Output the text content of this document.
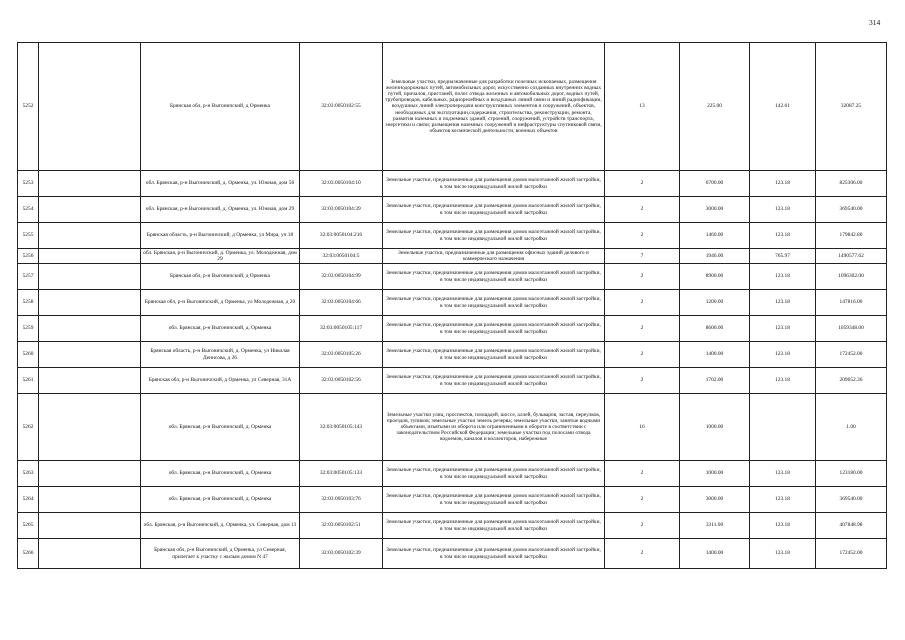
314
5252		Брянская обл, р-н Выгоничский, д Орменка	32:03:0050102:55	Земельные участки, предназначенные для разработки полезных ископаемых, размещения железнодорожных путей, автомобильных дорог, искусственно созданных внутренних водных путей, причалов, пристаней, полос отвода железных и автомобильных дорог, водных путей, трубопроводов, кабельных, радиорелейных и воздушных линий связи и линий радиофикации, воздушных линий электропередачи конструктивных элементов и сооружений, объектов, необходимых для эксплуатации,содержания, строительства, реконструкции, ремонта, развития наземных и подземных зданий, строений, сооружений, устройств транспорта, энергетики и связи; размещения наземных сооружений и инфраструктуры спутниковой связи, объектов космической деятельности, военных объектов	13	225.00	142.61	32087.25
5253		обл. Брянская, р-н Выгоничский, д. Орменка, ул. Южная, дом 56	32:03:0050104:10	Земельные участки, предназначенные для размещения домов малоэтажной жилой застройки, в том числе индивидуальной жилой застройки	2	6700.00	123.18	825306.00
5254		обл. Брянская, р-н Выгоничский, д. Орменка, ул. Южная, дом 29	32:03:0050104:39	Земельные участки, предназначенные для размещения домов малоэтажной жилой застройки, в том числе индивидуальной жилой застройки	2	3000.00	123.18	369540.00
5255		Брянская область, р-н Выгоничский, д Орменка, ул Мира, уч 18	32:03:0050104:216	Земельные участки, предназначенные для размещения домов малоэтажной жилой застройки, в том числе индивидуальной жилой застройки	2	1460.00	123.18	179842.80
5256		обл. Брянская, р-н Выгоничский, д. Орменка, ул. Молодежная, дом 29	32:03:0050104:5	Земельные участки, предназначенные для размещения офисных зданий делового и коммерческого назначения	7	1946.00	765.97	1490577.62
5257		Брянская обл, р-н Выгоничский, д Орменка	32:03:0050104:99	Земельные участки, предназначенные для размещения домов малоэтажной жилой застройки, в том числе индивидуальной жилой застройки	2	8900.00	123.18	1096302.00
5258		Брянская обл, р-н Выгоничский, д Орменка, ул Молодежная, д 20	32:03:0050104:66	Земельные участки, предназначенные для размещения домов малоэтажной жилой застройки, в том числе индивидуальной жилой застройки	2	1200.00	123.18	147816.00
5259		обл. Брянская, р-н Выгоничский, д. Орменка	32:03:0050105:117	Земельные участки, предназначенные для размещения домов малоэтажной жилой застройки, в том числе индивидуальной жилой застройки	2	8600.00	123.18	1059348.00
5260		Брянская область, р-н Выгоничский, д. Орменка, ул Николая Денисова, д 26	32:03:0050105:26	Земельные участки, предназначенные для размещения домов малоэтажной жилой застройки, в том числе индивидуальной жилой застройки	2	1400.00	123.18	172452.00
5261		Брянская обл, р-н Выгоничский, д Орменка, ул Северная, 31А	32:03:0050102:56	Земельные участки, предназначенные для размещения домов малоэтажной жилой застройки, в том числе индивидуальной жилой застройки	2	1702.00	123.18	209652.36
5262		обл. Брянская, р-н Выгоничский, д. Орменка	32:03:0050105:143	Земельные участки улиц, проспектов, площадей, шоссе, аллей, бульваров, застав, переулков, проездов, тупиков; земельные участки земель резерва; земельные участки, занятые водными объектами, изъятыми из оборота или ограниченными в обороте в соответствии с законодательством Российской Федерации; земельные участки под полосами отвода водоемов, каналов и коллекторов, набережные	16	1000.00		1.00
5263		обл. Брянская, р-н Выгоничский, д. Орменка	32:03:0050105:133	Земельные участки, предназначенные для размещения домов малоэтажной жилой застройки, в том числе индивидуальной жилой застройки	2	1000.00	123.18	123180.00
5264		обл. Брянская, р-н Выгоничский, д. Орменка	32:03:0050103:76	Земельные участки, предназначенные для размещения домов малоэтажной жилой застройки, в том числе индивидуальной жилой застройки	2	3000.00	123.18	369540.00
5265		обл. Брянская, р-н Выгоничский, д. Орменка, ул. Северная, дом 13	32:03:0050102:51	Земельные участки, предназначенные для размещения домов малоэтажной жилой застройки, в том числе индивидуальной жилой застройки	2	3311.00	123.18	407848.98
5266		Брянская обл, р-н Выгоничский, д Орменка, ул Северная, прилегает к участку с жилым домом N 47	32:03:0050102:39	Земельные участки, предназначенные для размещения домов малоэтажной жилой застройки, в том числе индивидуальной жилой застройки	2	1400.00	123.18	172452.00
